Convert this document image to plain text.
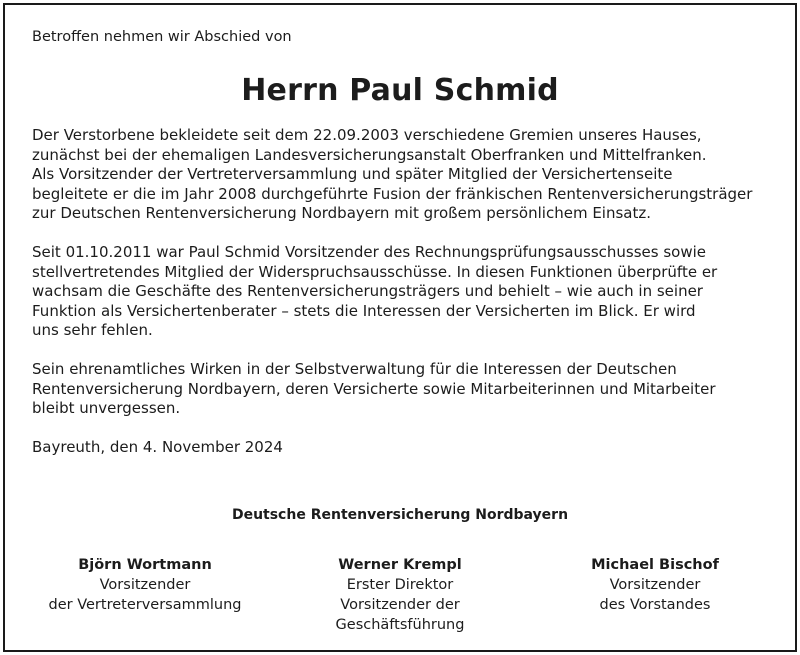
Betroffen nehmen wir Abschied von
Herrn Paul Schmid

Der Verstorbene bekleidete seit dem 22.09.2003 verschiedene Gremien unseres Hauses,
zunächst bei der ehemaligen Landesversicherungsanstalt Oberfranken und Mittelfranken.
Als Vorsitzender der Vertreterversammlung und später Mitglied der Versichertenseite
begleitete er die im Jahr 2008 durchgeführte Fusion der fränkischen Rentenversicherungsträger
zur Deutschen Rentenversicherung Nordbayern mit großem persönlichem Einsatz.

Seit 01.10.2011 war Paul Schmid Vorsitzender des Rechnungsprüfungsausschusses sowie
stellvertretendes Mitglied der Widerspruchsausschüsse. In diesen Funktionen überprüfte er
wachsam die Geschäfte des Rentenversicherungsträgers und behielt – wie auch in seiner
Funktion als Versichertenberater – stets die Interessen der Versicherten im Blick. Er wird
uns sehr fehlen.

Sein ehrenamtliches Wirken in der Selbstverwaltung für die Interessen der Deutschen
Rentenversicherung Nordbayern, deren Versicherte sowie Mitarbeiterinnen und Mitarbeiter
bleibt unvergessen.

Bayreuth, den 4. November 2024

Deutsche Rentenversicherung Nordbayern
Björn Wortmann
Vorsitzender
der Vertreterversammlung
Werner Krempl
Erster Direktor
Vorsitzender der
Geschäftsführung
Michael Bischof
Vorsitzender
des Vorstandes
